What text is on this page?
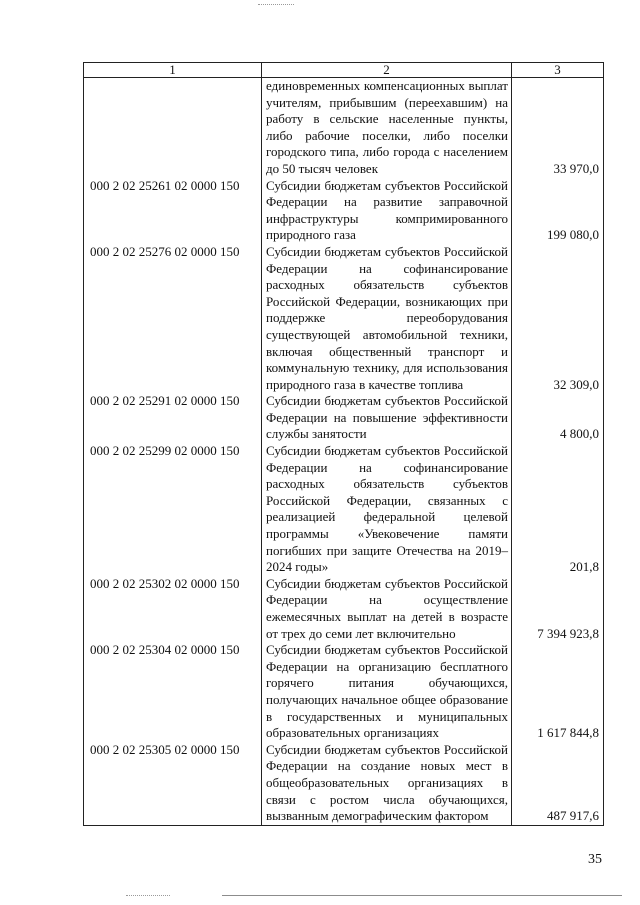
1	2	3
	единовременных компенсационных выплат учителям, прибывшим (переехавшим) на работу в сельские населенные пункты, либо рабочие поселки, либо поселки городского типа, либо города с населением до 50 тысяч человек	33 970,0
000 2 02 25261 02 0000 150	Субсидии бюджетам субъектов Российской Федерации на развитие заправочной инфраструктуры компримированного природного газа	199 080,0
000 2 02 25276 02 0000 150	Субсидии бюджетам субъектов Российской Федерации на софинансирование расходных обязательств субъектов Российской Федерации, возникающих при поддержке переоборудования существующей автомобильной техники, включая общественный транспорт и коммунальную технику, для использования природного газа в качестве топлива	32 309,0
000 2 02 25291 02 0000 150	Субсидии бюджетам субъектов Российской Федерации на повышение эффективности службы занятости	4 800,0
000 2 02 25299 02 0000 150	Субсидии бюджетам субъектов Российской Федерации на софинансирование расходных обязательств субъектов Российской Федерации, связанных с реализацией федеральной целевой программы «Увековечение памяти погибших при защите Отечества на 2019–2024 годы»	201,8
000 2 02 25302 02 0000 150	Субсидии бюджетам субъектов Российской Федерации на осуществление ежемесячных выплат на детей в возрасте от трех до семи лет включительно	7 394 923,8
000 2 02 25304 02 0000 150	Субсидии бюджетам субъектов Российской Федерации на организацию бесплатного горячего питания обучающихся, получающих начальное общее образование в государственных и муниципальных образовательных организациях	1 617 844,8
000 2 02 25305 02 0000 150	Субсидии бюджетам субъектов Российской Федерации на создание новых мест в общеобразовательных организациях в связи с ростом числа обучающихся, вызванным демографическим фактором	487 917,6
35
